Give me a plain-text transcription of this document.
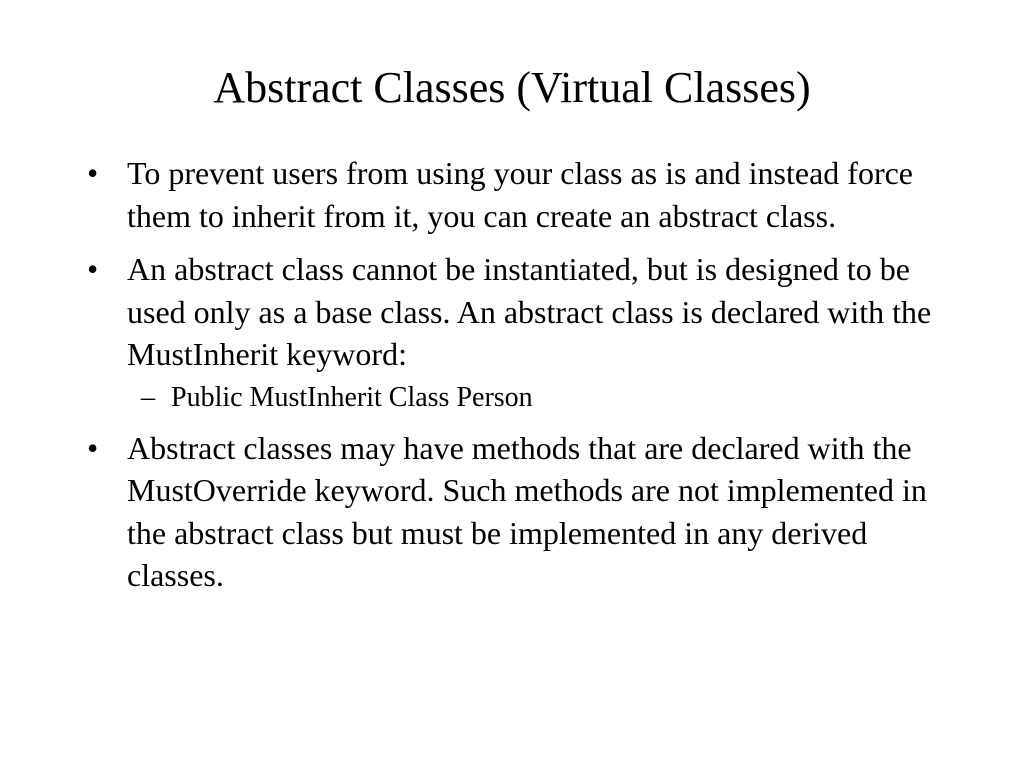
Abstract Classes (Virtual Classes)
• To prevent users from using your class as is and instead force them to inherit from it, you can create an abstract class.
• An abstract class cannot be instantiated, but is designed to be used only as a base class. An abstract class is declared with the MustInherit keyword:
– Public MustInherit Class Person
• Abstract classes may have methods that are declared with the MustOverride keyword. Such methods are not implemented in the abstract class but must be implemented in any derived classes.
